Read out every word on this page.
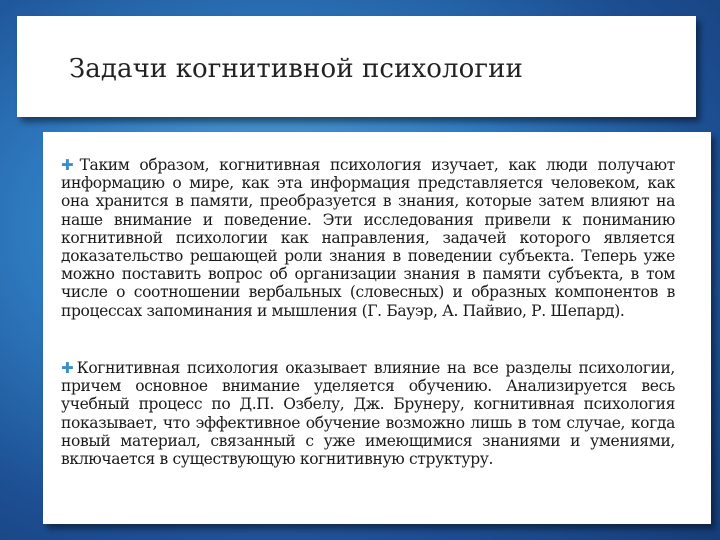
Задачи когнитивной психологии

✚Таким образом, когнитивная психология изучает, как люди получают информацию о мире, как эта информация представляется человеком, как она хранится в памяти, преобразуется в знания, которые затем влияют на наше внимание и поведение. Эти исследования привели к пониманию когнитивной психологии как направления, задачей которого является доказательство решающей роли знания в поведении субъекта. Теперь уже можно поставить вопрос об организации знания в памяти субъекта, в том числе о соотношении вербальных (словесных) и образных компонентов в процессах запоминания и мышления (Г. Бауэр, А. Пайвио, Р. Шепард).

✚Когнитивная психология оказывает влияние на все разделы психологии, причем основное внимание уделяется обучению. Анализируется весь учебный процесс по Д.П. Озбелу, Дж. Брунеру, когнитивная психология показывает, что эффективное обучение возможно лишь в том случае, когда новый материал, связанный с уже имеющимися знаниями и умениями, включается в существующую когнитивную структуру.
